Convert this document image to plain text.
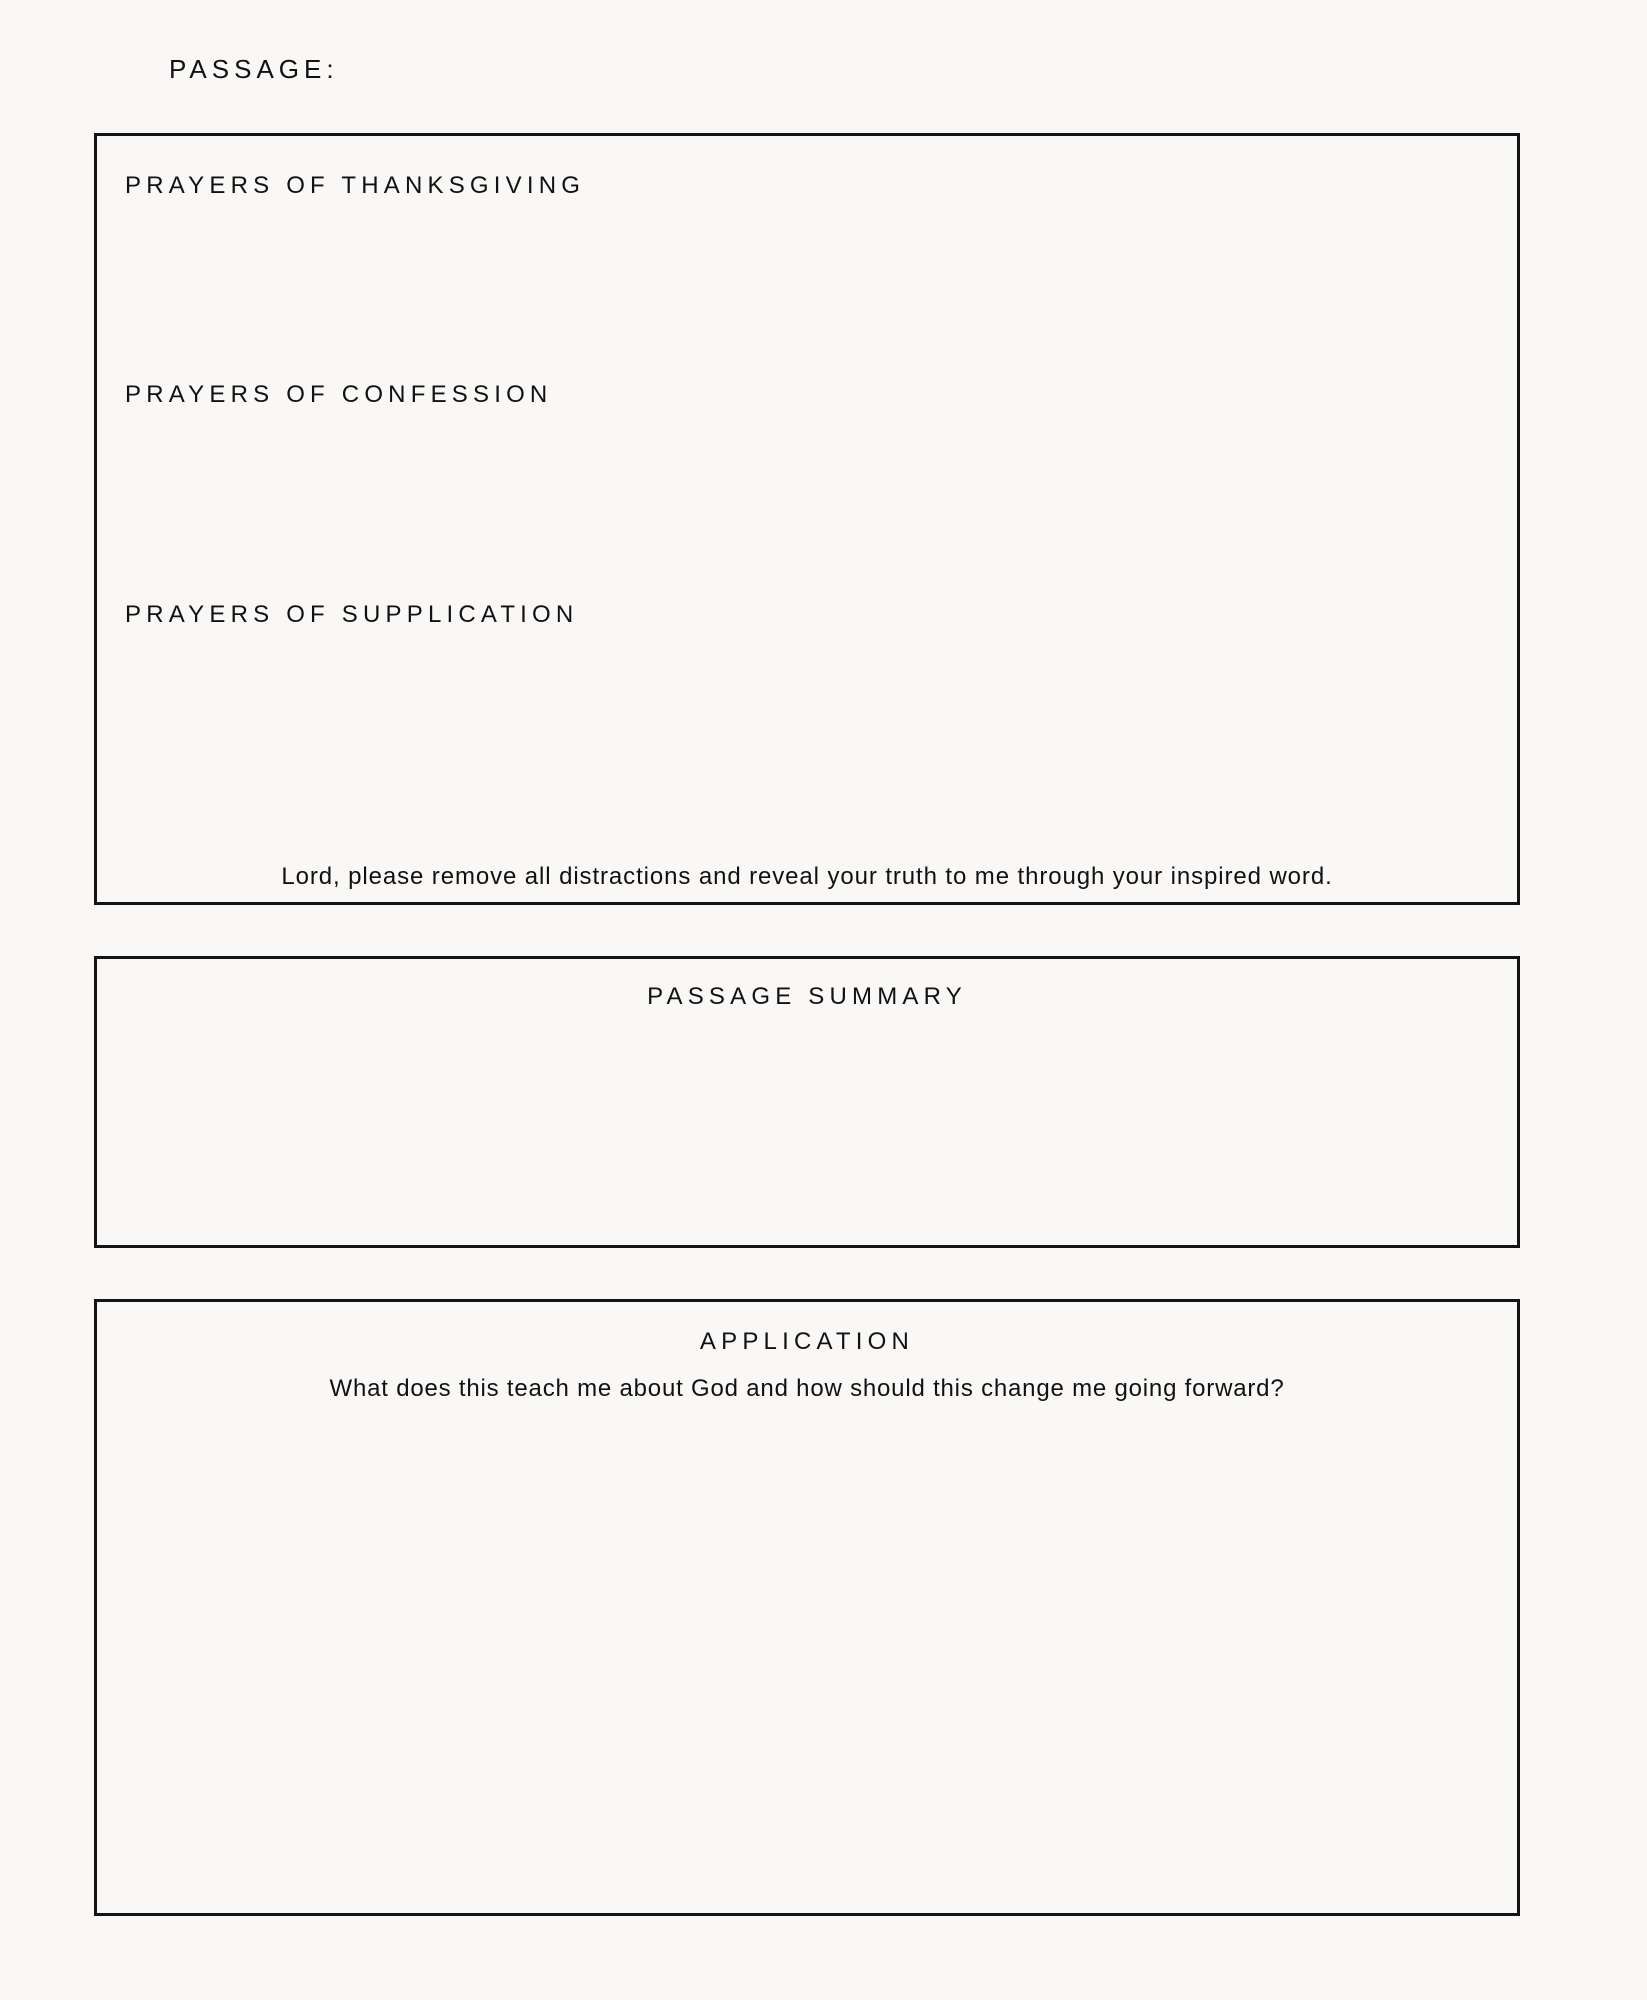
PASSAGE:
PRAYERS OF THANKSGIVING
PRAYERS OF CONFESSION
PRAYERS OF SUPPLICATION
Lord, please remove all distractions and reveal your truth to me through your inspired word.
PASSAGE SUMMARY
APPLICATION
What does this teach me about God and how should this change me going forward?
